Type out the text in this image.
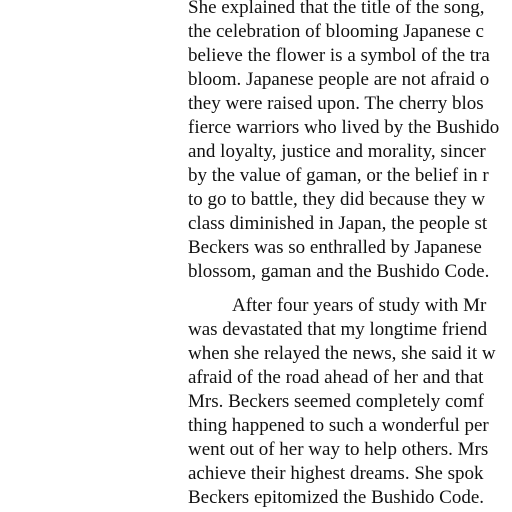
She explained that the title of the song,
the celebration of blooming Japanese c
believe the flower is a symbol of the tra
bloom. Japanese people are not afraid o
they were raised upon. The cherry blos
fierce warriors who lived by the Bushido
and loyalty, justice and morality, sincer
by the value of gaman, or the belief in r
to go to battle, they did because they w
class diminished in Japan, the people st
Beckers was so enthralled by Japanese
blossom, gaman and the Bushido Code.
After four years of study with Mr
was devastated that my longtime friend
when she relayed the news, she said it w
afraid of the road ahead of her and that
Mrs. Beckers seemed completely comf
thing happened to such a wonderful per
went out of her way to help others. Mrs
achieve their highest dreams. She spok
Beckers epitomized the Bushido Code.
